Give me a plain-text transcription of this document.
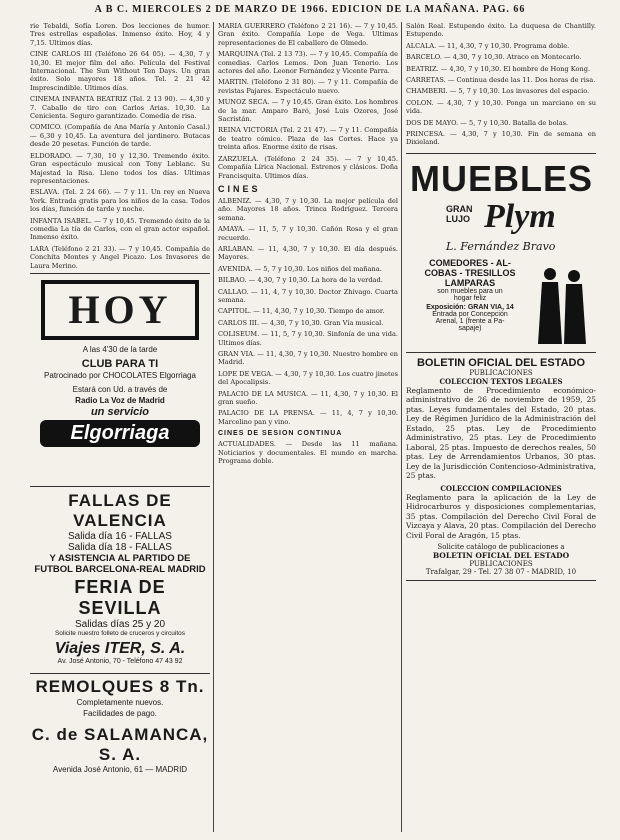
A B C. MIERCOLES 2 DE MARZO DE 1966. EDICION DE LA MAÑANA. PAG. 66

rie Tebaldi, Sofía Loren. Dos lecciones de humor. Tres estrellas españolas. Inmenso éxito. Hoy, 4 y 7,15. Ultimos días.

CINE CARLOS III (Teléfono 26 64 05). — 4,30, 7 y 10,30. El mejor film del año. Película del Festival Internacional. The Sun Without Ten Days. Un gran éxito. Solo mayores 18 años. Tel. 2 21 42 Imprescindible. Ultimos días.

CINEMA INFANTA BEATRIZ (Tel. 2 13 90). — 4,30 y 7. Caballo de tiro con Carlos Arias. 10,30. La Cenicienta. Seguro garantizado. Comedia de risa.

COMICO. (Compañía de Ana María y Antonio Casal.) — 6,30 y 10,45. La aventura del jardinero. Butacas desde 20 pesetas. Función de tarde.

ELDORADO. — 7,30, 10 y 12,30. Tremendo éxito. Gran espectáculo musical con Tony Leblanc. Su Majestad la Risa. Lleno todos los días. Ultimas representaciones.

ESLAVA. (Tel. 2 24 66). — 7 y 11. Un rey en Nueva York. Entrada gratis para los niños de la casa. Todos los días, función de tarde y noche.

INFANTA ISABEL. — 7 y 10,45. Tremendo éxito de la comedia La tía de Carlos, con el gran actor español. Inmenso éxito.

LARA (Teléfono 2 21 33). — 7 y 10,45. Compañía de Conchita Montes y Angel Picazo. Los Invasores de Laura Merino.

HOY
A las 4'30 de la tarde
CLUB PARA TI
Patrocinado por CHOCOLATES Elgorriaga
Estará con Ud. a través de
Radio La Voz de Madrid
un servicio
Elgorriaga
FALLAS DE VALENCIA
Salida día 16 - FALLAS
Salida día 18 - FALLAS
Y ASISTENCIA AL PARTIDO DE
FUTBOL BARCELONA-REAL MADRID
FERIA DE SEVILLA
Salidas días 25 y 20
Solicite nuestro folleto de cruceros y circuitos
Viajes ITER, S. A.
Av. José Antonio, 70 - Teléfono 47 43 92
REMOLQUES 8 Tn.
Completamente nuevos.
Facilidades de pago.
C. de SALAMANCA, S. A.
Avenida José Antonio, 61 — MADRID

MARIA GUERRERO (Teléfono 2 21 16). — 7 y 10,45. Gran éxito. Compañía Lope de Vega. Ultimas representaciones de El caballero de Olmedo.

MARQUINA (Tel. 2 13 73). — 7 y 10,45. Compañía de comedias. Carlos Lemos. Don Juan Tenorio. Los actores del año. Leonor Fernández y Vicente Parra.

MARTIN. (Teléfono 2 31 80). — 7 y 11. Compañía de revistas Pajares. Espectáculo nuevo.

MUNOZ SECA. — 7 y 10,45. Gran éxito. Los hombres de la mar. Amparo Baró, José Luis Ozores, José Sacristán.

REINA VICTORIA (Tel. 2 21 47). — 7 y 11. Compañía de teatro cómico. Plaza de las Cortes. Hace ya treinta años. Enorme éxito de risas.

ZARZUELA. (Teléfono 2 24 35). — 7 y 10,45. Compañía Lírica Nacional. Estrenos y clásicos. Doña Francisquita. Ultimos días.

CINES

ALBENIZ. — 4,30, 7 y 10,30. La mejor película del año. Mayores 18 años. Trinca Rodríguez. Tercera semana.

AMAYA. — 11, 5, 7 y 10,30. Cañón Rosa y el gran recuerdo.

ARLABAN. — 11, 4,30, 7 y 10,30. El día después. Mayores.

AVENIDA. — 5, 7 y 10,30. Los niños del mañana.

BILBAO. — 4,30, 7 y 10,30. La hora de la verdad.

CALLAO. — 11, 4, 7 y 10,30. Doctor Zhivago. Cuarta semana.

CAPITOL. — 11, 4,30, 7 y 10,30. Tiempo de amor.

CARLOS III. — 4,30, 7 y 10,30. Gran Vía musical.

COLISEUM. — 11, 5, 7 y 10,30. Sinfonía de una vida. Ultimos días.

GRAN VIA. — 11, 4,30, 7 y 10,30. Nuestro hombre en Madrid.

LOPE DE VEGA. — 4,30, 7 y 10,30. Los cuatro jinetes del Apocalipsis.

PALACIO DE LA MUSICA. — 11, 4,30, 7 y 10,30. El gran sueño.

PALACIO DE LA PRENSA. — 11, 4, 7 y 10,30. Marcelino pan y vino.

CINES DE SESION CONTINUA

ACTUALIDADES. — Desde las 11 mañana. Noticiarios y documentales. El mundo en marcha. Programa doble.

Salón Real. Estupendo éxito. La duquesa de Chantilly. Estupendo.

ALCALA. — 11, 4,30, 7 y 10,30. Programa doble.

BARCELO. — 4,30, 7 y 10,30. Atraco en Montecarlo.

BEATRIZ. — 4,30, 7 y 10,30. El hombre de Hong Kong.

CARRETAS. — Continua desde las 11. Dos horas de risa.

CHAMBERI. — 5, 7 y 10,30. Los invasores del espacio.

COLON. — 4,30, 7 y 10,30. Ponga un marciano en su vida.

DOS DE MAYO. — 5, 7 y 10,30. Batalla de bolas.

PRINCESA. — 4,30, 7 y 10,30. Fin de semana en Dixieland.

MUEBLES
GRAN
LUJO Plym
L. Fernández Bravo
COMEDORES - AL-
COBAS - TRESILLOS
LAMPARAS
son muebles para un
hogar feliz
Exposición: GRAN VIA, 14
Entrada por Concepción
Arenal, 1 (frente a Pa-
sapaje)
BOLETIN OFICIAL DEL ESTADO
PUBLICACIONES
COLECCION TEXTOS LEGALES

Reglamento de Procedimiento económico-administrativo de 26 de noviembre de 1959, 25 ptas. Leyes fundamentales del Estado, 20 ptas. Ley de Régimen Jurídico de la Administración del Estado, 25 ptas. Ley de Procedimiento Administrativo, 25 ptas. Ley de Procedimiento Laboral, 25 ptas. Impuesto de derechos reales, 50 ptas. Ley de Arrendamientos Urbanos, 30 ptas. Ley de la Jurisdicción Contencioso-Administrativa, 25 ptas.

COLECCION COMPILACIONES

Reglamento para la aplicación de la Ley de Hidrocarburos y disposiciones complementarias, 35 ptas. Compilación del Derecho Civil Foral de Vizcaya y Alava, 20 ptas. Compilación del Derecho Civil Foral de Aragón, 15 ptas.

Solicite catálogo de publicaciones a
BOLETIN OFICIAL DEL ESTADO
PUBLICACIONES
Trafalgar, 29 - Tel. 27 38 07 - MADRID, 10
